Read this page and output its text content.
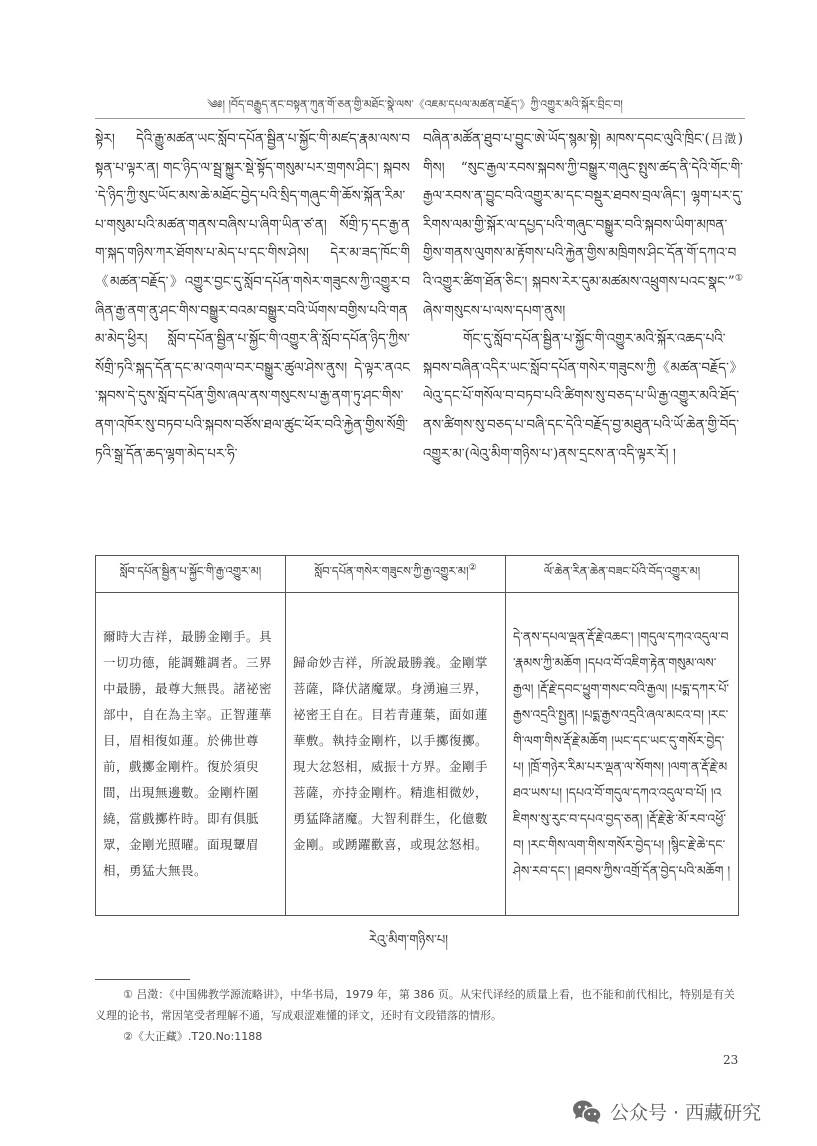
༄༅། །བོད་བརྒྱུད་ནང་བསྟན་ཀུན་གོ་ཅན་གྱི་མཐོང་སྣེ་ལས་《འཇམ་དཔལ་མཚན་བརྗོད་》ཀྱི་འགྱུར་མའི་སྐོར་བྲིང་བ།
སྟེར། དེའི་རྒྱུ་མཚན་ཡང་སློབ་དཔོན་སྦྱིན་པ་སྐྱོང་གི་མཛད་རྣམ་ལས་བསྟན་པ་ལྟར་ན། གང་ཉིད་ལ་སྦྲ་སྐྱུར་སྡེ་སྟོད་གསུམ་པར་གྲགས་ཤིང་། སྐབས་དེ་ཉིད་ཀྱི་སུང་ཡོང་མས་ཆེ་མཐོང་བྱེད་པའི་སྲིད་གཞུང་གི་ཆོས་སྐོན་རིམ་པ་གསུམ་པའི་མཚན་གནས་བཞིས་པ་ཞིག་ཡིན་ཙ་ན། སོགྲི་ཏ་དང་རྒྱ་ནག་སྐད་གཉིས་ཀར་ཐོགས་པ་མེད་པ་དང་གིས་ཤེས། དེར་མ་ཟད་ཁོང་གི《མཚན་བརྗོད་》འགྱུར་བྱང་དུ་སློབ་དཔོན་གསེར་གཟུངས་ཀྱི་འགྱུར་བཞིན་རྒྱ་ནག་ནུ་ཤང་གིས་བསྒྱུར་བའམ་བསྒྱུར་བའི་ཡོགས་བགྱིས་པའི་གནམ་མེད་ཕྱིར། སློབ་དཔོན་སྦྱིན་པ་སྐྱོང་གི་འགྱུར་ནི་སློབ་དཔོན་ཉིད་ཀྱིས་སོགྲི་ཏའི་སྐད་དོན་དང་མ་འགལ་བར་བསྒྱུར་ཚུལ་ཤེས་ནུས། དེ་ལྟར་ནའང་སྐབས་དེ་དུས་སློབ་དཔོན་གྱིས་ཞལ་ནས་གསུངས་པ་རྒྱ་ནག་ཏུ་ཤང་གིས་ནག་འཁོར་སུ་བཏབ་པའི་སྐབས་བཙོས་ཐལ་ཚུང་ཕོར་བའི་རྐྱེན་གྱིས་སོགྲི་ཏའི་སྒྲ་དོན་ཆད་ལྷག་མེད་པར་ཧི་
བཞིན་མཚོན་ཐུབ་པ་བྱུང་ཨེ་ཡོད་སྙམ་སྟེ། མཁས་དབང་ལུའི་ཁྲིང་(吕澂)གིས། “སུང་རྒྱལ་རབས་སྐབས་ཀྱི་བསྒྱུར་གཞུང་སྤུས་ཚད་ནི་དེའི་གོང་གི་རྒྱལ་རབས་ན་བྱུང་བའི་འགྱུར་མ་དང་བསྡུར་ཐབས་བྲལ་ཞིང་། ལྷག་པར་དུ་རིགས་ལམ་གྱི་སྐོར་ལ་དཔྱད་པའི་གཞུང་བསྒྱུར་བའི་སྐབས་ཡིག་མཁན་གྱིས་གནས་ལུགས་མ་རྟོགས་པའི་རྐྱེན་གྱིས་མཁྲིགས་ཤིང་དོན་གོ་དཀའ་བའི་འགྱུར་ཚིག་ཐོན་ཅིང་། སྐབས་རེར་དུམ་མཚམས་འཕྲུགས་པའང་སྣང་”①ཞེས་གསུངས་པ་ལས་དཔག་ནུས།
གོང་དུ་སློབ་དཔོན་སྦྱིན་པ་སྐྱོང་གི་འགྱུར་མའི་སྐོར་འཆད་པའི་སྐབས་བཞིན་འདིར་ཡང་སློབ་དཔོན་གསེར་གཟུངས་ཀྱི《མཚན་བརྗོད་》ལེའུ་དང་པོ་གསོལ་བ་བཏབ་པའི་ཚིགས་སུ་བཅད་པ་ཡི་རྒྱ་འགྱུར་མའི་ཐོད་ནས་ཚིགས་སུ་བཅད་པ་བཞི་དང་དེའི་བརྗོད་བྱ་མཐུན་པའི་ཡོ་ཆེན་གྱི་བོད་འགྱུར་མ་(ལེའུ་མིག་གཉིས་པ་)ནས་དྲངས་ན་འདི་ལྟར་རོ། །
སློབ་དཔོན་སྦྱིན་པ་སྐྱོང་གི་རྒྱ་འགྱུར་མ།	སློབ་དཔོན་གསེར་གཟུངས་ཀྱི་རྒྱ་འགྱུར་མ།②	ལོ་ཆེན་རིན་ཆེན་བཟང་པོའི་བོད་འགྱུར་མ།
爾時大吉祥，最勝金剛手。具一切功德，能調難調者。三界中最勝，最尊大無畏。諸祕密部中，自在為主宰。正智蓮華目，眉相復如蓮。於佛世尊前，戲擲金剛杵。復於須臾間，出現無邊數。金剛杵圍繞，當戲擲杵時。即有俱胝眾，金剛光照曜。面現顰眉相，勇猛大無畏。	歸命妙吉祥，所說最勝義。金剛掌菩薩，降伏諸魔眾。身湧遍三界，祕密王自在。目若青蓮葉，面如蓮華敷。執持金剛杵，以手擲復擲。現大忿怒相，威振十方界。金剛手菩薩，亦持金剛杵。精進相微妙，勇猛降諸魔。大智利群生，化億數金剛。或踴躍歡喜，或現忿怒相。	དེ་ནས་དཔལ་ལྡན་རྡོ་རྗེ་འཆང་། །གདུལ་དཀའ་འདུལ་བ་རྣམས་ཀྱི་མཆོག །དཔའ་བོ་འཇིག་རྟེན་གསུམ་ལས་རྒྱལ། །རྡོ་རྗེ་དབང་ཕྱུག་གསང་བའི་རྒྱལ། །པདྨ་དཀར་པོ་རྒྱས་འདྲའི་སྤྱན། །པདྨ་རྒྱས་འདྲའི་ཞལ་མངའ་བ། །རང་གི་ལག་གིས་རྡོ་རྗེ་མཆོག །ཡང་དང་ཡང་དུ་གསོར་བྱེད་པ། །ཁྲོ་གཉེར་རིམ་པར་ལྡན་ལ་སོགས། །ལག་ན་རྡོ་རྗེ་མཐའ་ཡས་པ། །དཔའ་བོ་གདུལ་དཀའ་འདུལ་བ་པོ། །འཇིགས་སུ་རུང་བ་དཔའ་བྱད་ཅན། །རྡོ་རྗེ་རྩེ་མོ་རབ་འཕྱོ་བ། །རང་གིས་ལག་གིས་གསོར་བྱེད་པ། །སྙིང་རྗེ་ཆེ་དང་ཤེས་རབ་དང་། །ཐབས་ཀྱིས་འགྲོ་དོན་བྱེད་པའི་མཆོག །
རེའུ་མིག་གཉིས་པ།

① 吕澂：《中国佛教学源流略讲》，中华书局，1979 年，第 386 页。从宋代译经的质量上看，也不能和前代相比，特别是有关义理的论书，常因笔受者理解不通，写成艰涩难懂的译文，还时有文段错落的情形。

②《大正藏》.T20.No:1188

23
公众号 · 西藏研究
